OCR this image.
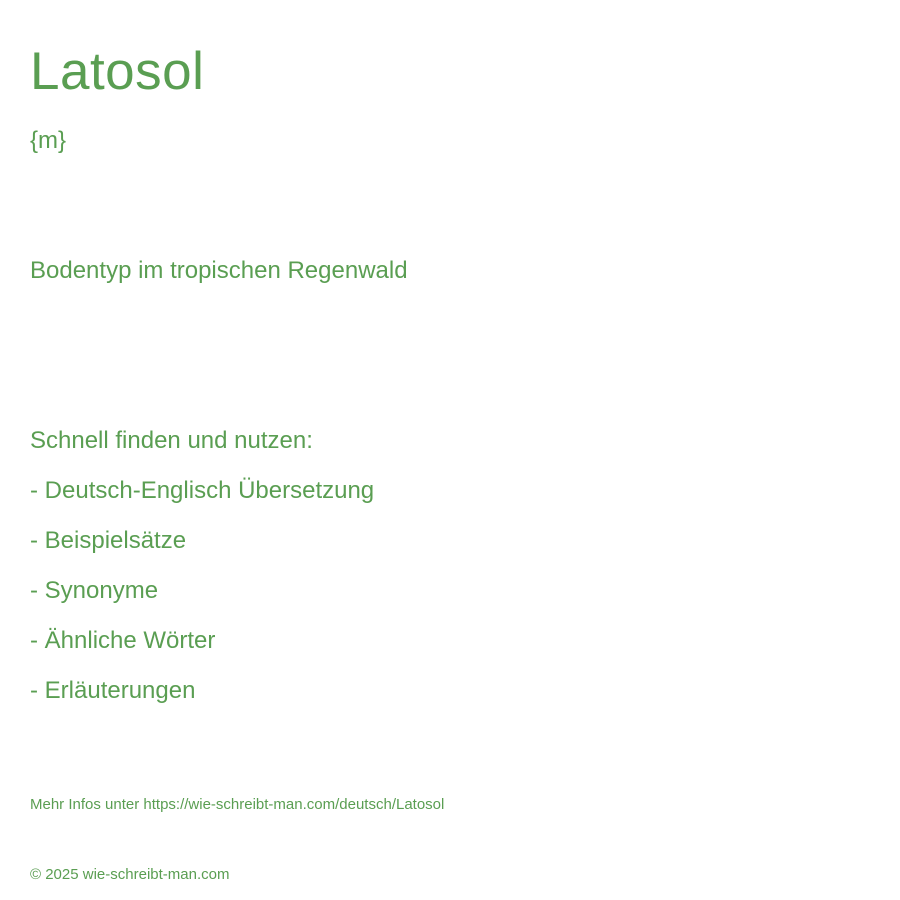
Latosol
{m}
Bodentyp im tropischen Regenwald
Schnell finden und nutzen:
- Deutsch-Englisch Übersetzung
- Beispielsätze
- Synonyme
- Ähnliche Wörter
- Erläuterungen
Mehr Infos unter https://wie-schreibt-man.com/deutsch/Latosol
© 2025 wie-schreibt-man.com
